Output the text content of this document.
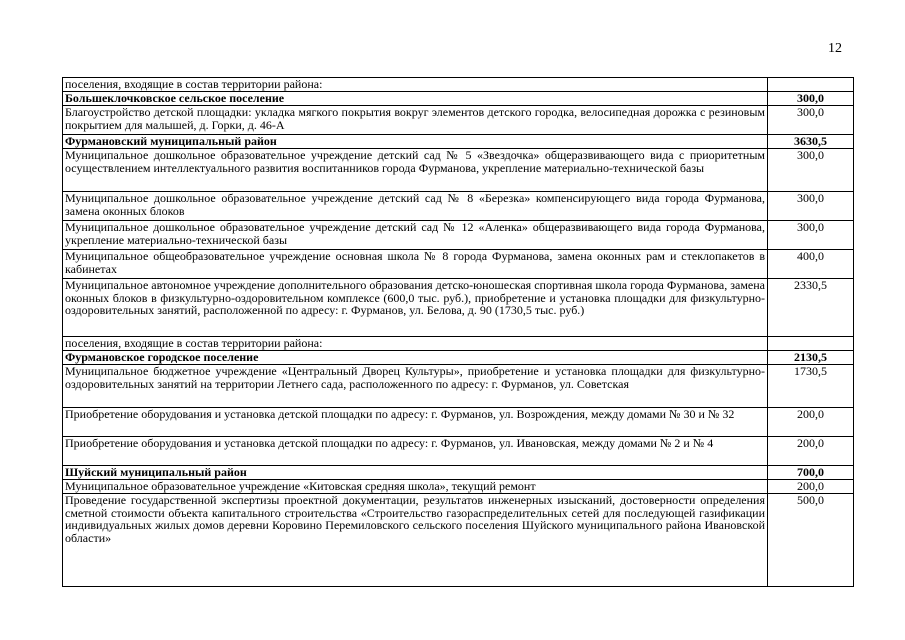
12
поселения, входящие в состав территории района:	
Большеклочковское сельское поселение	300,0
Благоустройство детской площадки: укладка мягкого покрытия вокруг элементов детского городка, велосипедная дорожка с резиновым покрытием для малышей, д. Горки, д. 46-А	300,0
Фурмановский муниципальный район	3630,5
Муниципальное дошкольное образовательное учреждение детский сад № 5 «Звездочка» общеразвивающего вида с приоритетным осуществлением интеллектуального развития воспитанников города Фурманова, укрепление материально-технической базы	300,0
Муниципальное дошкольное образовательное учреждение детский сад № 8 «Березка» компенсирующего вида города Фурманова, замена оконных блоков	300,0
Муниципальное дошкольное образовательное учреждение детский сад № 12 «Аленка» общеразвивающего вида города Фурманова, укрепление материально-технической базы	300,0
Муниципальное общеобразовательное учреждение основная школа № 8 города Фурманова, замена оконных рам и стеклопакетов в кабинетах	400,0
Муниципальное автономное учреждение дополнительного образования детско-юношеская спортивная школа города Фурманова, замена оконных блоков в физкультурно-оздоровительном комплексе (600,0 тыс. руб.), приобретение и установка площадки для физкультурно-оздоровительных занятий, расположенной по адресу: г. Фурманов, ул. Белова, д. 90 (1730,5 тыс. руб.)	2330,5
поселения, входящие в состав территории района:	
Фурмановское городское поселение	2130,5
Муниципальное бюджетное учреждение «Центральный Дворец Культуры», приобретение и установка площадки для физкультурно-оздоровительных занятий на территории Летнего сада, расположенного по адресу: г. Фурманов, ул. Советская	1730,5
Приобретение оборудования и установка детской площадки по адресу: г. Фурманов, ул. Возрождения, между домами № 30 и № 32	200,0
Приобретение оборудования и установка детской площадки по адресу: г. Фурманов, ул. Ивановская, между домами № 2 и № 4	200,0
Шуйский муниципальный район	700,0
Муниципальное образовательное учреждение «Китовская средняя школа», текущий ремонт	200,0
Проведение государственной экспертизы проектной документации, результатов инженерных изысканий, достоверности определения сметной стоимости объекта капитального строительства «Строительство газораспределительных сетей для последующей газификации индивидуальных жилых домов деревни Коровино Перемиловского сельского поселения Шуйского муниципального района Ивановской области»	500,0
